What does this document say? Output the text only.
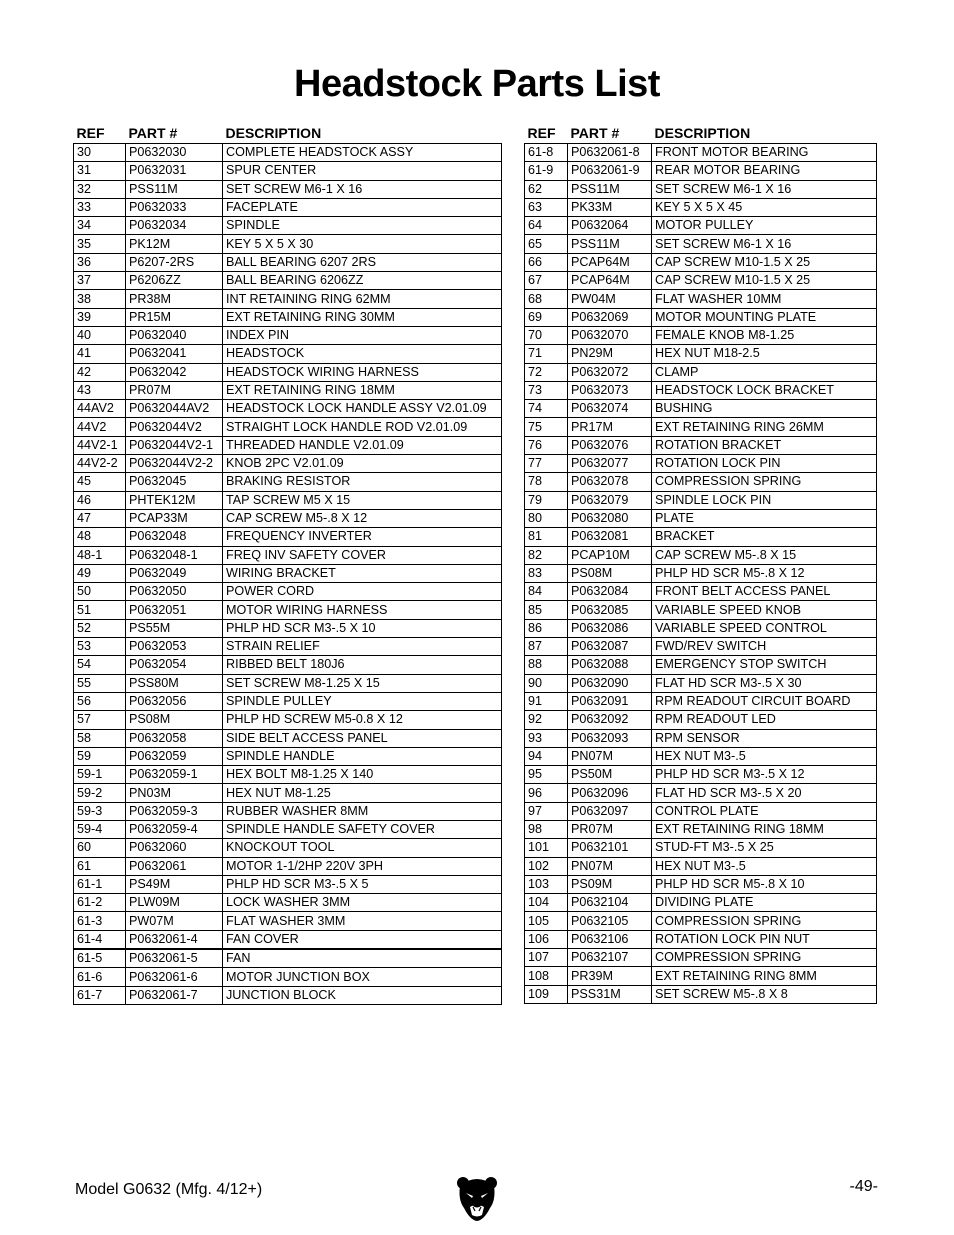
Headstock Parts List
REF	PART #	DESCRIPTION
30	P0632030	COMPLETE HEADSTOCK ASSY
31	P0632031	SPUR CENTER
32	PSS11M	SET SCREW M6-1 X 16
33	P0632033	FACEPLATE
34	P0632034	SPINDLE
35	PK12M	KEY 5 X 5 X 30
36	P6207-2RS	BALL BEARING 6207 2RS
37	P6206ZZ	BALL BEARING 6206ZZ
38	PR38M	INT RETAINING RING 62MM
39	PR15M	EXT RETAINING RING 30MM
40	P0632040	INDEX PIN
41	P0632041	HEADSTOCK
42	P0632042	HEADSTOCK WIRING HARNESS
43	PR07M	EXT RETAINING RING 18MM
44AV2	P0632044AV2	HEADSTOCK LOCK HANDLE ASSY V2.01.09
44V2	P0632044V2	STRAIGHT LOCK HANDLE ROD V2.01.09
44V2-1	P0632044V2-1	THREADED HANDLE V2.01.09
44V2-2	P0632044V2-2	KNOB 2PC V2.01.09
45	P0632045	BRAKING RESISTOR
46	PHTEK12M	TAP SCREW M5 X 15
47	PCAP33M	CAP SCREW M5-.8 X 12
48	P0632048	FREQUENCY INVERTER
48-1	P0632048-1	FREQ INV SAFETY COVER
49	P0632049	WIRING BRACKET
50	P0632050	POWER CORD
51	P0632051	MOTOR WIRING HARNESS
52	PS55M	PHLP HD SCR M3-.5 X 10
53	P0632053	STRAIN RELIEF
54	P0632054	RIBBED BELT 180J6
55	PSS80M	SET SCREW M8-1.25 X 15
56	P0632056	SPINDLE PULLEY
57	PS08M	PHLP HD SCREW M5-0.8 X 12
58	P0632058	SIDE BELT ACCESS PANEL
59	P0632059	SPINDLE HANDLE
59-1	P0632059-1	HEX BOLT M8-1.25 X 140
59-2	PN03M	HEX NUT M8-1.25
59-3	P0632059-3	RUBBER WASHER 8MM
59-4	P0632059-4	SPINDLE HANDLE SAFETY COVER
60	P0632060	KNOCKOUT TOOL
61	P0632061	MOTOR 1-1/2HP 220V 3PH
61-1	PS49M	PHLP HD SCR M3-.5 X 5
61-2	PLW09M	LOCK WASHER 3MM
61-3	PW07M	FLAT WASHER 3MM
61-4	P0632061-4	FAN COVER
61-5	P0632061-5	FAN
61-6	P0632061-6	MOTOR JUNCTION BOX
61-7	P0632061-7	JUNCTION BLOCK
REF	PART #	DESCRIPTION
61-8	P0632061-8	FRONT MOTOR BEARING
61-9	P0632061-9	REAR MOTOR BEARING
62	PSS11M	SET SCREW M6-1 X 16
63	PK33M	KEY 5 X 5 X 45
64	P0632064	MOTOR PULLEY
65	PSS11M	SET SCREW M6-1 X 16
66	PCAP64M	CAP SCREW M10-1.5 X 25
67	PCAP64M	CAP SCREW M10-1.5 X 25
68	PW04M	FLAT WASHER 10MM
69	P0632069	MOTOR MOUNTING PLATE
70	P0632070	FEMALE KNOB M8-1.25
71	PN29M	HEX NUT M18-2.5
72	P0632072	CLAMP
73	P0632073	HEADSTOCK LOCK BRACKET
74	P0632074	BUSHING
75	PR17M	EXT RETAINING RING 26MM
76	P0632076	ROTATION BRACKET
77	P0632077	ROTATION LOCK PIN
78	P0632078	COMPRESSION SPRING
79	P0632079	SPINDLE LOCK PIN
80	P0632080	PLATE
81	P0632081	BRACKET
82	PCAP10M	CAP SCREW M5-.8 X 15
83	PS08M	PHLP HD SCR M5-.8 X 12
84	P0632084	FRONT BELT ACCESS PANEL
85	P0632085	VARIABLE SPEED KNOB
86	P0632086	VARIABLE SPEED CONTROL
87	P0632087	FWD/REV SWITCH
88	P0632088	EMERGENCY STOP SWITCH
90	P0632090	FLAT HD SCR M3-.5 X 30
91	P0632091	RPM READOUT CIRCUIT BOARD
92	P0632092	RPM READOUT LED
93	P0632093	RPM SENSOR
94	PN07M	HEX NUT M3-.5
95	PS50M	PHLP HD SCR M3-.5 X 12
96	P0632096	FLAT HD SCR M3-.5 X 20
97	P0632097	CONTROL PLATE
98	PR07M	EXT RETAINING RING 18MM
101	P0632101	STUD-FT M3-.5 X 25
102	PN07M	HEX NUT M3-.5
103	PS09M	PHLP HD SCR M5-.8 X 10
104	P0632104	DIVIDING PLATE
105	P0632105	COMPRESSION SPRING
106	P0632106	ROTATION LOCK PIN NUT
107	P0632107	COMPRESSION SPRING
108	PR39M	EXT RETAINING RING 8MM
109	PSS31M	SET SCREW M5-.8 X 8
Model G0632 (Mfg. 4/12+)	-49-
